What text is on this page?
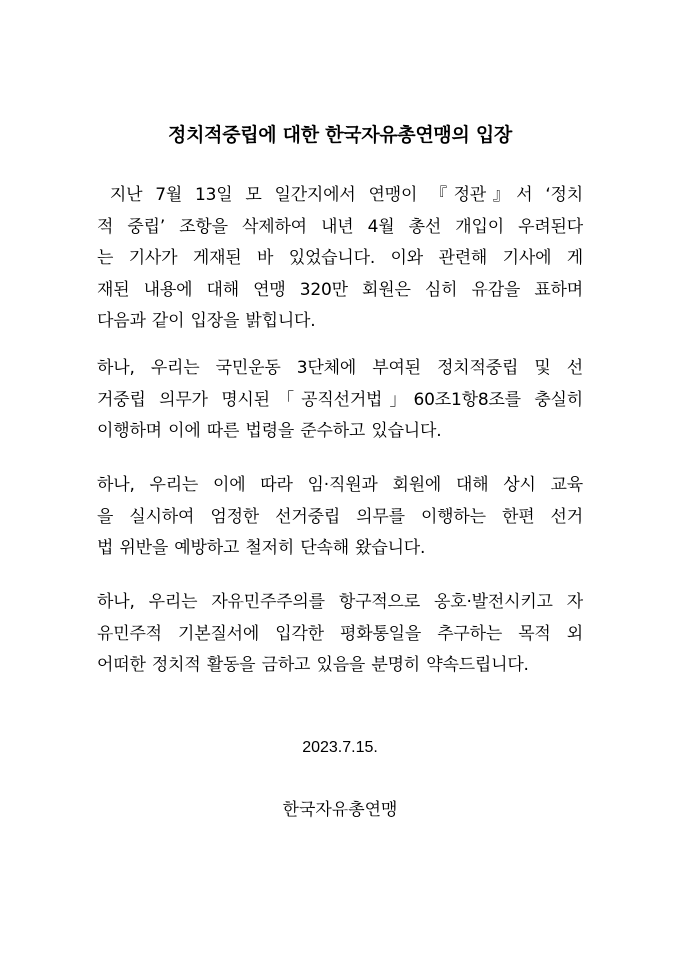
정치적중립에 대한 한국자유총연맹의 입장
지난 7월 13일 모 일간지에서 연맹이 『정관』서 ‘정치
적 중립’ 조항을 삭제하여 내년 4월 총선 개입이 우려된다
는 기사가 게재된 바 있었습니다. 이와 관련해 기사에 게
재된 내용에 대해 연맹 320만 회원은 심히 유감을 표하며
다음과 같이 입장을 밝힙니다.
하나, 우리는 국민운동 3단체에 부여된 정치적중립 및 선
거중립 의무가 명시된「공직선거법」60조1항8조를 충실히
이행하며 이에 따른 법령을 준수하고 있습니다.
하나, 우리는 이에 따라 임·직원과 회원에 대해 상시 교육
을 실시하여 엄정한 선거중립 의무를 이행하는 한편 선거
법 위반을 예방하고 철저히 단속해 왔습니다.
하나, 우리는 자유민주주의를 항구적으로 옹호·발전시키고 자
유민주적 기본질서에 입각한 평화통일을 추구하는 목적 외
어떠한 정치적 활동을 금하고 있음을 분명히 약속드립니다.
2023.7.15.
한국자유총연맹
